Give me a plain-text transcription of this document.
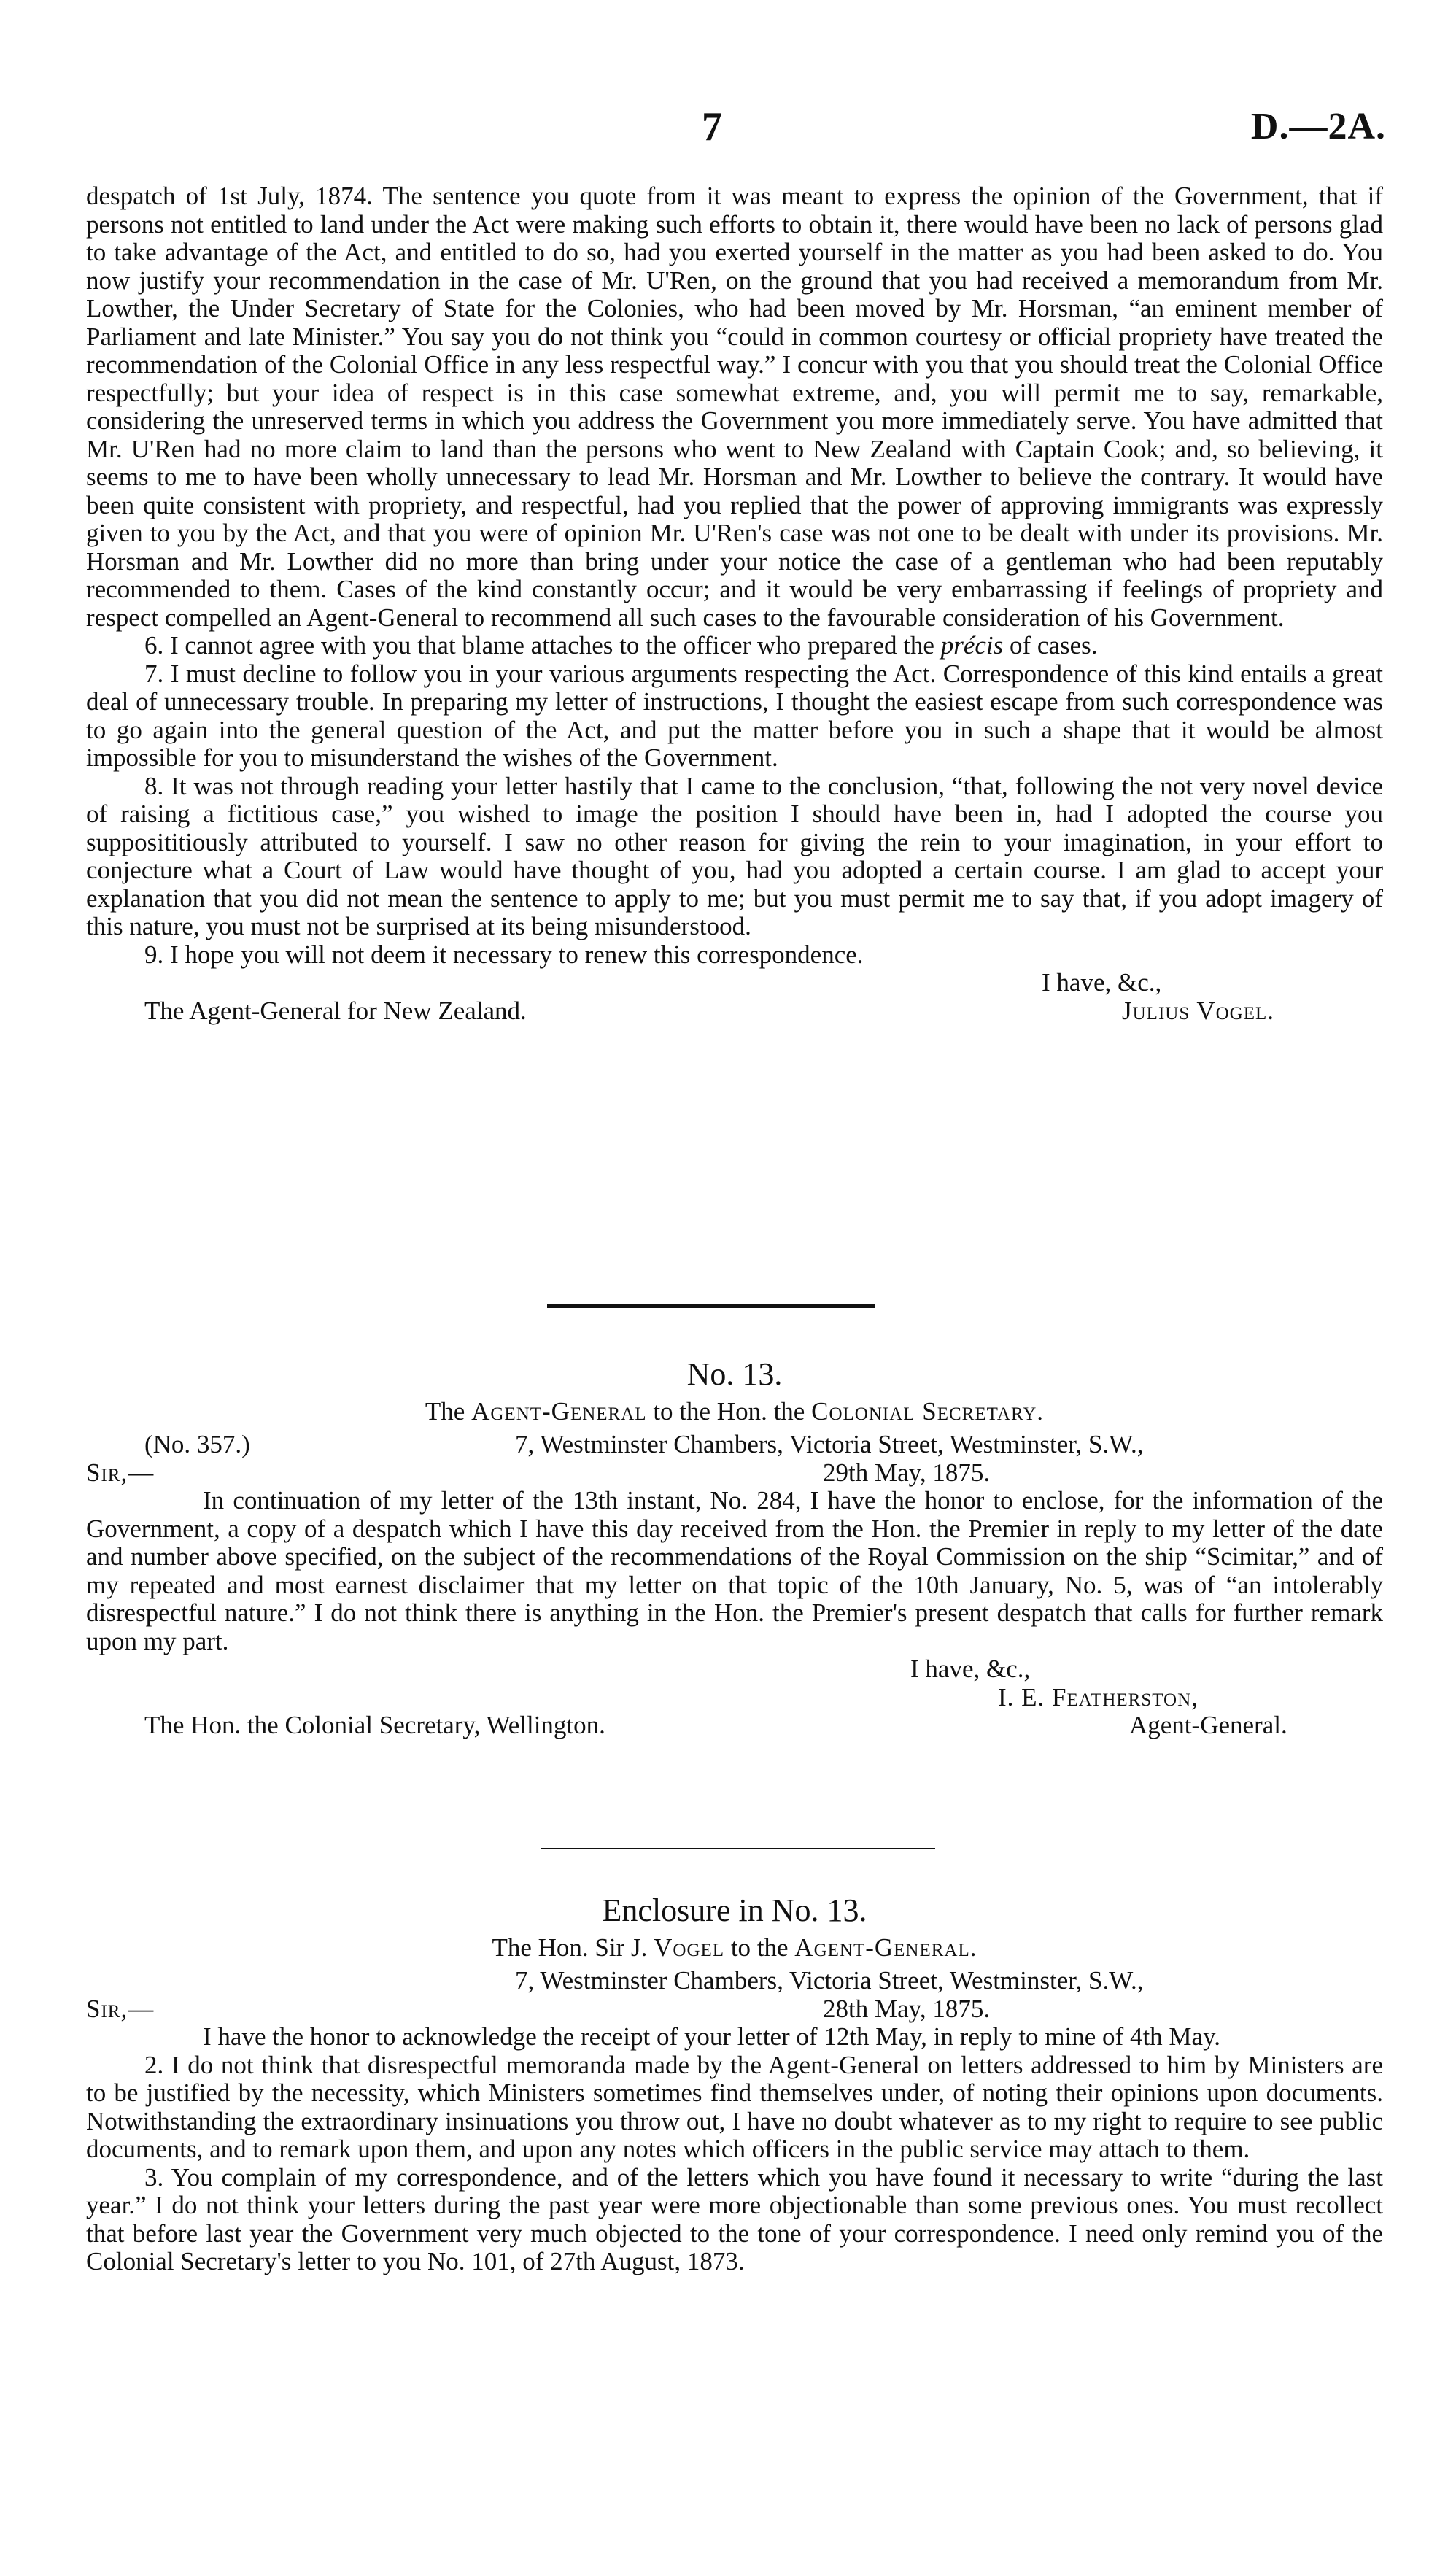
7	D.—2A.

despatch of 1st July, 1874. The sentence you quote from it was meant to express the opinion of the Government, that if persons not entitled to land under the Act were making such efforts to obtain it, there would have been no lack of persons glad to take advantage of the Act, and entitled to do so, had you exerted yourself in the matter as you had been asked to do. You now justify your recommendation in the case of Mr. U'Ren, on the ground that you had received a memorandum from Mr. Lowther, the Under Secretary of State for the Colonies, who had been moved by Mr. Horsman, “an eminent member of Parliament and late Minister.” You say you do not think you “could in common courtesy or official propriety have treated the recommendation of the Colonial Office in any less respectful way.” I concur with you that you should treat the Colonial Office respectfully; but your idea of respect is in this case somewhat extreme, and, you will permit me to say, remarkable, considering the unreserved terms in which you address the Government you more immediately serve. You have admitted that Mr. U'Ren had no more claim to land than the persons who went to New Zealand with Captain Cook; and, so believing, it seems to me to have been wholly unnecessary to lead Mr. Horsman and Mr. Lowther to believe the contrary. It would have been quite consistent with propriety, and respectful, had you replied that the power of approving immigrants was expressly given to you by the Act, and that you were of opinion Mr. U'Ren's case was not one to be dealt with under its provisions. Mr. Horsman and Mr. Lowther did no more than bring under your notice the case of a gentleman who had been reputably recommended to them. Cases of the kind constantly occur; and it would be very embarrassing if feelings of propriety and respect compelled an Agent-General to recommend all such cases to the favourable consideration of his Government.

6. I cannot agree with you that blame attaches to the officer who prepared the précis of cases.

7. I must decline to follow you in your various arguments respecting the Act. Correspondence of this kind entails a great deal of unnecessary trouble. In preparing my letter of instructions, I thought the easiest escape from such correspondence was to go again into the general question of the Act, and put the matter before you in such a shape that it would be almost impossible for you to misunderstand the wishes of the Government.

8. It was not through reading your letter hastily that I came to the conclusion, “that, following the not very novel device of raising a fictitious case,” you wished to image the position I should have been in, had I adopted the course you supposititiously attributed to yourself. I saw no other reason for giving the rein to your imagination, in your effort to conjecture what a Court of Law would have thought of you, had you adopted a certain course. I am glad to accept your explanation that you did not mean the sentence to apply to me; but you must permit me to say that, if you adopt imagery of this nature, you must not be surprised at its being misunderstood.

9. I hope you will not deem it necessary to renew this correspondence.

I have, &c.,
The Agent-General for New Zealand.	Julius Vogel.
No. 13.
The Agent-General to the Hon. the Colonial Secretary.
(No. 357.)	7, Westminster Chambers, Victoria Street, Westminster, S.W.,
Sir,—	29th May, 1875.

In continuation of my letter of the 13th instant, No. 284, I have the honor to enclose, for the information of the Government, a copy of a despatch which I have this day received from the Hon. the Premier in reply to my letter of the date and number above specified, on the subject of the recommendations of the Royal Commission on the ship “Scimitar,” and of my repeated and most earnest disclaimer that my letter on that topic of the 10th January, No. 5, was of “an intolerably disrespectful nature.” I do not think there is anything in the Hon. the Premier's present despatch that calls for further remark upon my part.

I have, &c.,
I. E. Featherston,
The Hon. the Colonial Secretary, Wellington.	Agent-General.
Enclosure in No. 13.
The Hon. Sir J. Vogel to the Agent-General.
7, Westminster Chambers, Victoria Street, Westminster, S.W.,
Sir,—	28th May, 1875.

I have the honor to acknowledge the receipt of your letter of 12th May, in reply to mine of 4th May.

2. I do not think that disrespectful memoranda made by the Agent-General on letters addressed to him by Ministers are to be justified by the necessity, which Ministers sometimes find themselves under, of noting their opinions upon documents. Notwithstanding the extraordinary insinuations you throw out, I have no doubt whatever as to my right to require to see public documents, and to remark upon them, and upon any notes which officers in the public service may attach to them.

3. You complain of my correspondence, and of the letters which you have found it necessary to write “during the last year.” I do not think your letters during the past year were more objectionable than some previous ones. You must recollect that before last year the Government very much objected to the tone of your correspondence. I need only remind you of the Colonial Secretary's letter to you No. 101, of 27th August, 1873.
